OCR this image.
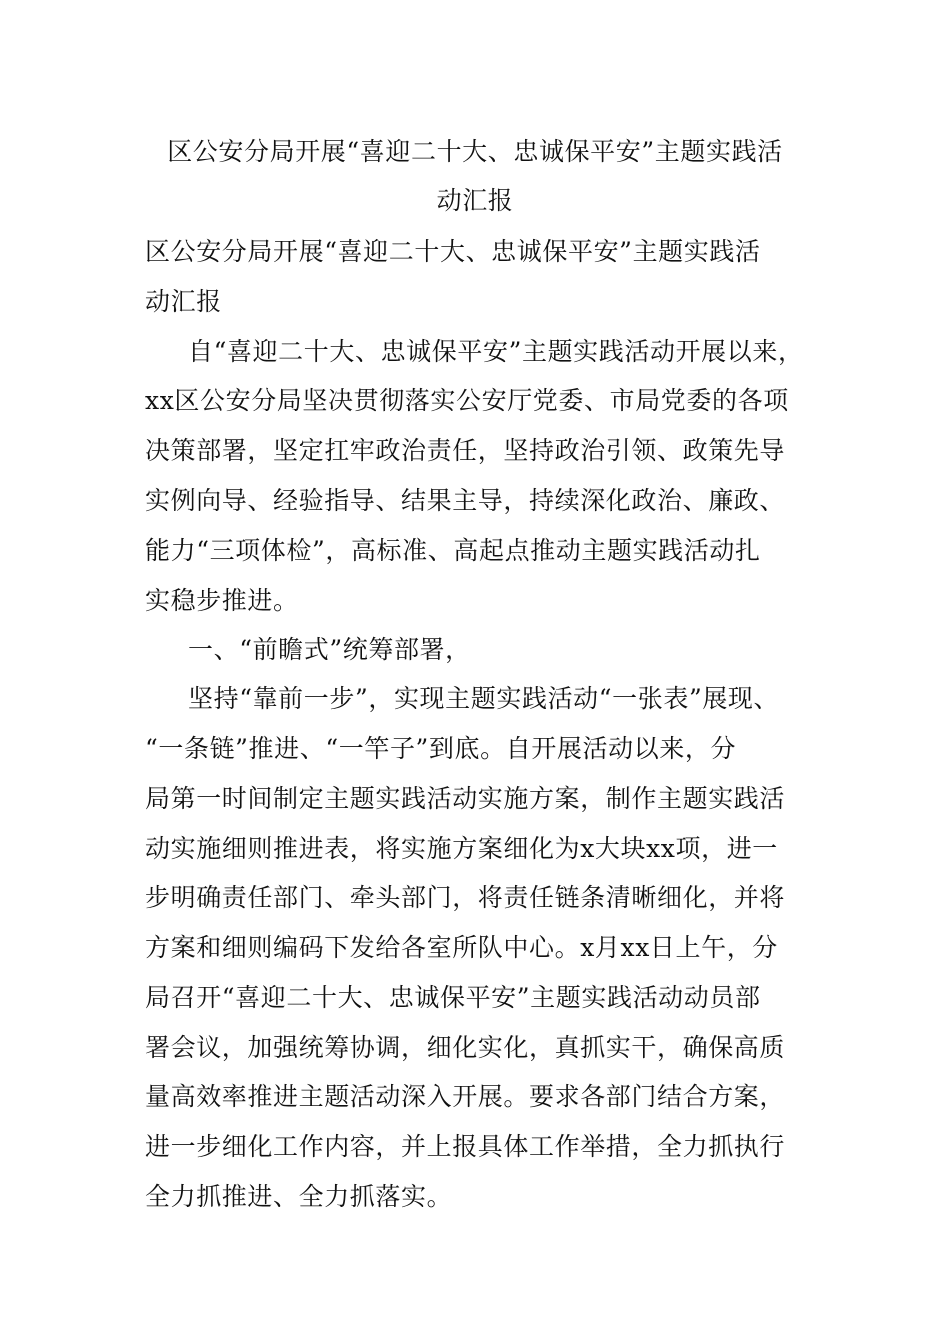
区公安分局开展“喜迎二十大、忠诚保平安”主题实践活
动汇报
区公安分局开展“喜迎二十大、忠诚保平安”主题实践活
动汇报
自“喜迎二十大、忠诚保平安”主题实践活动开展以来，
xx区公安分局坚决贯彻落实公安厅党委、市局党委的各项
决策部署，坚定扛牢政治责任，坚持政治引领、政策先导
实例向导、经验指导、结果主导，持续深化政治、廉政、
能力“三项体检”，高标准、高起点推动主题实践活动扎
实稳步推进。
一、“前瞻式”统筹部署，
坚持“靠前一步”，实现主题实践活动“一张表”展现、
“一条链”推进、“一竿子”到底。自开展活动以来，分
局第一时间制定主题实践活动实施方案，制作主题实践活
动实施细则推进表，将实施方案细化为x大块xx项，进一
步明确责任部门、牵头部门，将责任链条清晰细化，并将
方案和细则编码下发给各室所队中心。x月xx日上午，分
局召开“喜迎二十大、忠诚保平安”主题实践活动动员部
署会议，加强统筹协调，细化实化，真抓实干，确保高质
量高效率推进主题活动深入开展。要求各部门结合方案，
进一步细化工作内容，并上报具体工作举措，全力抓执行
全力抓推进、全力抓落实。
